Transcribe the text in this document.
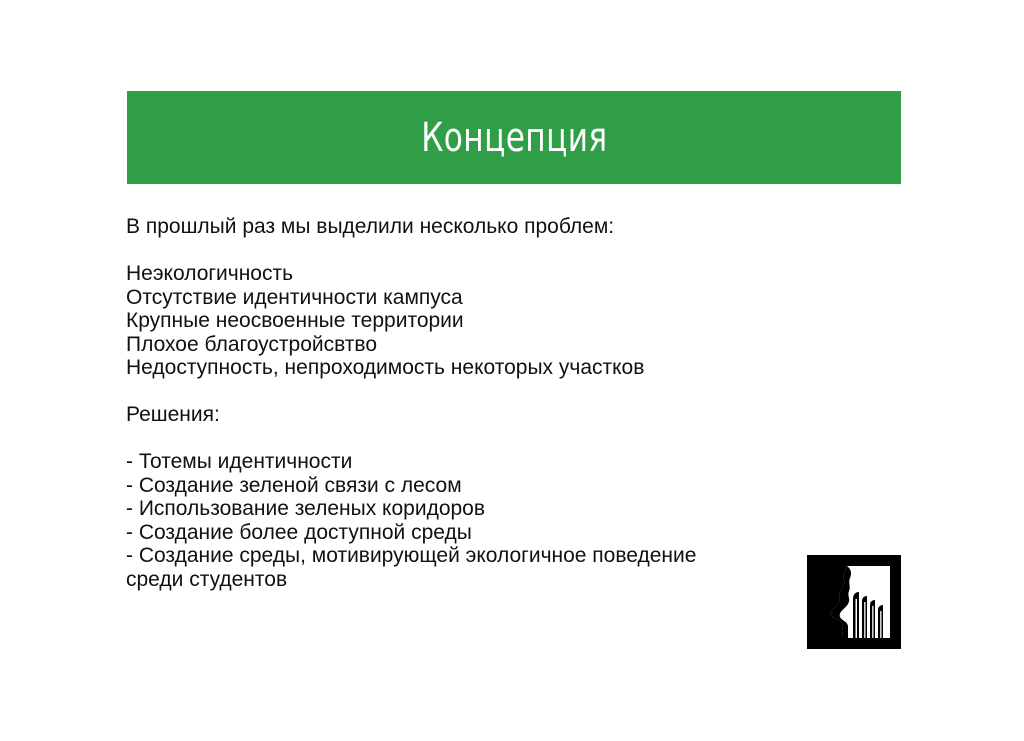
Концепция
В прошлый раз мы выделили несколько проблем:
Неэкологичность
Отсутствие идентичности кампуса
Крупные неосвоенные территории
Плохое благоустройсвтво
Недоступность, непроходимость некоторых участков
Решения:
- Тотемы идентичности
- Создание зеленой связи с лесом
- Использование зеленых коридоров
- Создание более доступной среды
- Создание среды, мотивирующей экологичное поведение
среди студентов
